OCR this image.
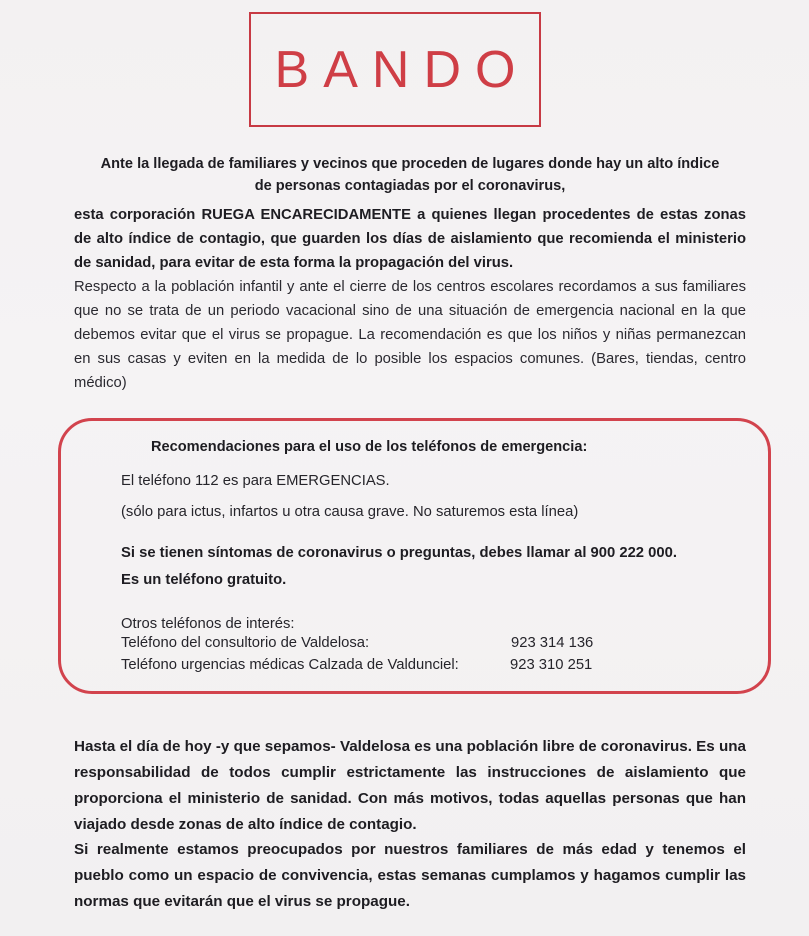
BANDO
Ante la llegada de familiares y vecinos que proceden de lugares donde hay un alto índice
de personas contagiadas por el coronavirus,
esta corporación RUEGA ENCARECIDAMENTE a quienes llegan procedentes de estas zonas de alto índice de contagio, que guarden los días de aislamiento que recomienda el ministerio de sanidad, para evitar de esta forma la propagación del virus.
Respecto a la población infantil y ante el cierre de los centros escolares recordamos a sus familiares que no se trata de un periodo vacacional sino de una situación de emergencia nacional en la que debemos evitar que el virus se propague. La recomendación es que los niños y niñas permanezcan en sus casas y eviten en la medida de lo posible los espacios comunes. (Bares, tiendas, centro médico)
Recomendaciones para el uso de los teléfonos de emergencia:
El teléfono 112 es para EMERGENCIAS.
(sólo para ictus, infartos u otra causa grave. No saturemos esta línea)
Si se tienen síntomas de coronavirus o preguntas, debes llamar al 900 222 000.
Es un teléfono gratuito.
Otros teléfonos de interés:
Teléfono del consultorio de Valdelosa:	923 314 136
Teléfono urgencias médicas Calzada de Valdunciel:	923 310 251
Hasta el día de hoy -y que sepamos- Valdelosa es una población libre de coronavirus. Es una responsabilidad de todos cumplir estrictamente las instrucciones de aislamiento que proporciona el ministerio de sanidad. Con más motivos, todas aquellas personas que han viajado desde zonas de alto índice de contagio.
Si realmente estamos preocupados por nuestros familiares de más edad y tenemos el pueblo como un espacio de convivencia, estas semanas cumplamos y hagamos cumplir las normas que evitarán que el virus se propague.
